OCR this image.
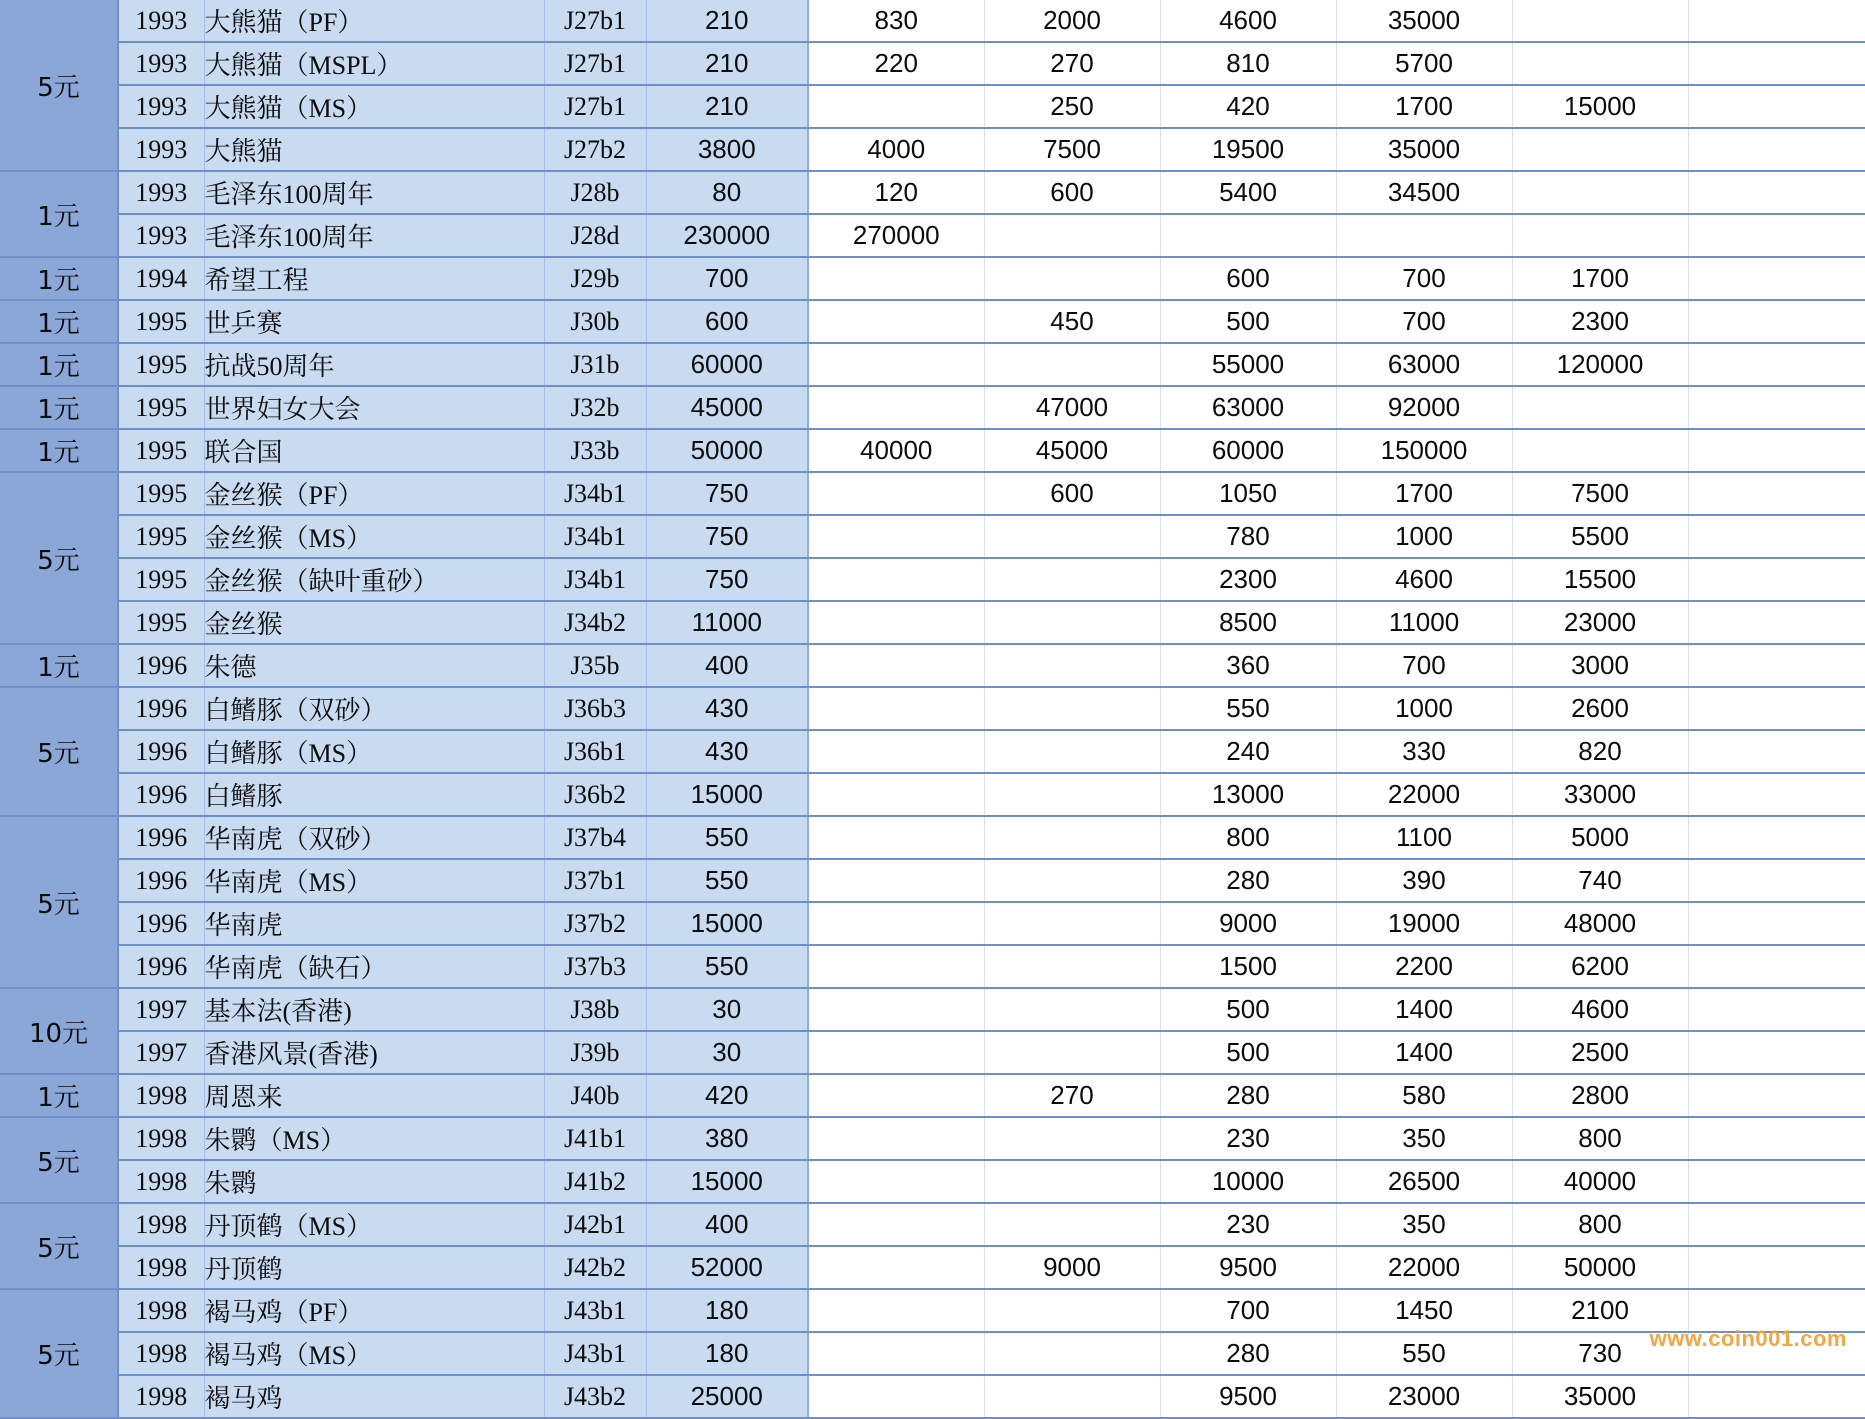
5元	1993	大熊猫（PF）	J27b1	210	830	2000	4600	35000		
	1993	大熊猫（MSPL）	J27b1	210	220	270	810	5700		
	1993	大熊猫（MS）	J27b1	210		250	420	1700	15000	
	1993	大熊猫	J27b2	3800	4000	7500	19500	35000		
1元	1993	毛泽东100周年	J28b	80	120	600	5400	34500		
	1993	毛泽东100周年	J28d	230000	270000					
1元	1994	希望工程	J29b	700			600	700	1700	
1元	1995	世乒赛	J30b	600		450	500	700	2300	
1元	1995	抗战50周年	J31b	60000			55000	63000	120000	
1元	1995	世界妇女大会	J32b	45000		47000	63000	92000		
1元	1995	联合国	J33b	50000	40000	45000	60000	150000		
5元	1995	金丝猴（PF）	J34b1	750		600	1050	1700	7500	
	1995	金丝猴（MS）	J34b1	750			780	1000	5500	
	1995	金丝猴（缺叶重砂）	J34b1	750			2300	4600	15500	
	1995	金丝猴	J34b2	11000			8500	11000	23000	
1元	1996	朱德	J35b	400			360	700	3000	
5元	1996	白鳍豚（双砂）	J36b3	430			550	1000	2600	
	1996	白鳍豚（MS）	J36b1	430			240	330	820	
	1996	白鳍豚	J36b2	15000			13000	22000	33000	
5元	1996	华南虎（双砂）	J37b4	550			800	1100	5000	
	1996	华南虎（MS）	J37b1	550			280	390	740	
	1996	华南虎	J37b2	15000			9000	19000	48000	
	1996	华南虎（缺石）	J37b3	550			1500	2200	6200	
10元	1997	基本法(香港)	J38b	30			500	1400	4600	
	1997	香港风景(香港)	J39b	30			500	1400	2500	
1元	1998	周恩来	J40b	420		270	280	580	2800	
5元	1998	朱鹮（MS）	J41b1	380			230	350	800	
	1998	朱鹮	J41b2	15000			10000	26500	40000	
5元	1998	丹顶鹤（MS）	J42b1	400			230	350	800	
	1998	丹顶鹤	J42b2	52000		9000	9500	22000	50000	
5元	1998	褐马鸡（PF）	J43b1	180			700	1450	2100	
	1998	褐马鸡（MS）	J43b1	180			280	550	730	
	1998	褐马鸡	J43b2	25000			9500	23000	35000	
www.coin001.com
